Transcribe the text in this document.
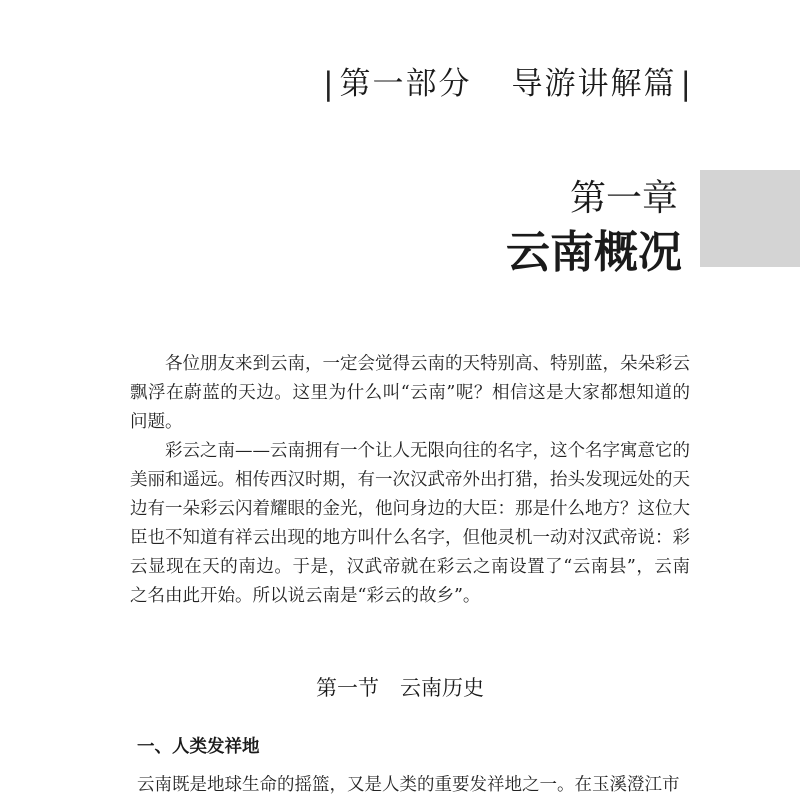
| 第一部分 导游讲解篇 |
第一章
云南概况

各位朋友来到云南，一定会觉得云南的天特别高、特别蓝，朵朵彩云飘浮在蔚蓝的天边。这里为什么叫“云南”呢？相信这是大家都想知道的问题。

彩云之南——云南拥有一个让人无限向往的名字，这个名字寓意它的美丽和遥远。相传西汉时期，有一次汉武帝外出打猎，抬头发现远处的天边有一朵彩云闪着耀眼的金光，他问身边的大臣：那是什么地方？这位大臣也不知道有祥云出现的地方叫什么名字，但他灵机一动对汉武帝说：彩云显现在天的南边。于是，汉武帝就在彩云之南设置了“云南县”，云南之名由此开始。所以说云南是“彩云的故乡”。

第一节　云南历史
一、人类发祥地
云南既是地球生命的摇篮，又是人类的重要发祥地之一。在玉溪澄江市
